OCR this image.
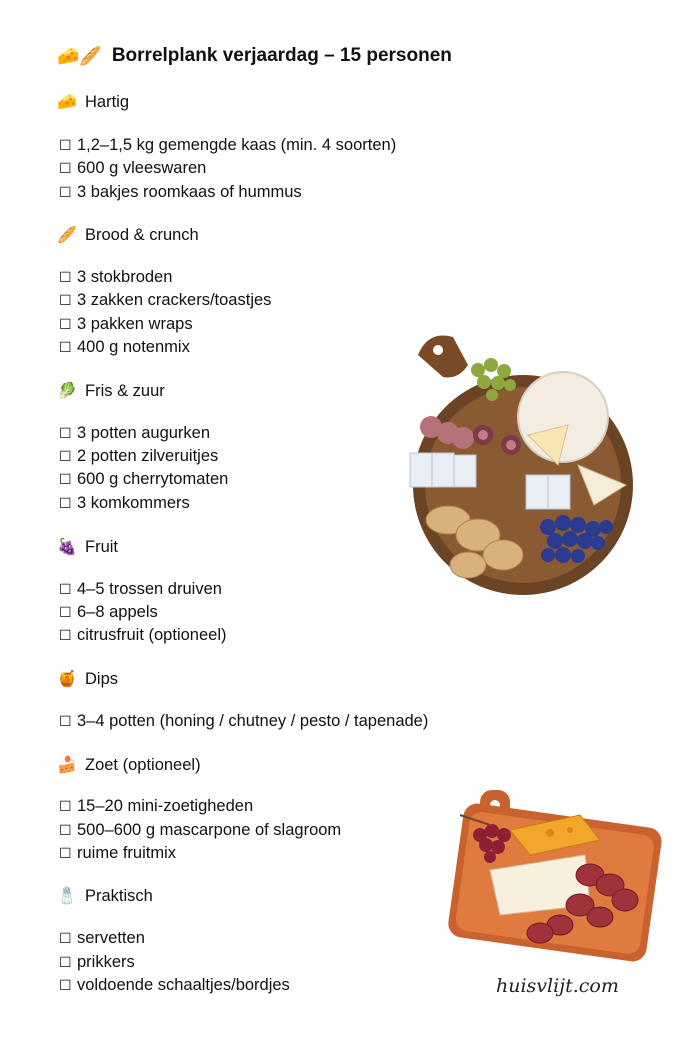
🧀🥖 Borrelplank verjaardag – 15 personen
🧀 Hartig
☐ 1,2–1,5 kg gemengde kaas (min. 4 soorten)
☐ 600 g vleeswaren
☐ 3 bakjes roomkaas of hummus
🥖 Brood & crunch
☐ 3 stokbroden
☐ 3 zakken crackers/toastjes
☐ 3 pakken wraps
☐ 400 g notenmix
🥬 Fris & zuur
☐ 3 potten augurken
☐ 2 potten zilveruitjes
☐ 600 g cherrytomaten
☐ 3 komkommers
🍇 Fruit
☐ 4–5 trossen druiven
☐ 6–8 appels
☐ citrusfruit (optioneel)
🍯 Dips
☐ 3–4 potten (honing / chutney / pesto / tapenade)
🍰 Zoet (optioneel)
☐ 15–20 mini-zoetigheden
☐ 500–600 g mascarpone of slagroom
☐ ruime fruitmix
🧂 Praktisch
☐ servetten
☐ prikkers
☐ voldoende schaaltjes/bordjes	huisvlijt.com
